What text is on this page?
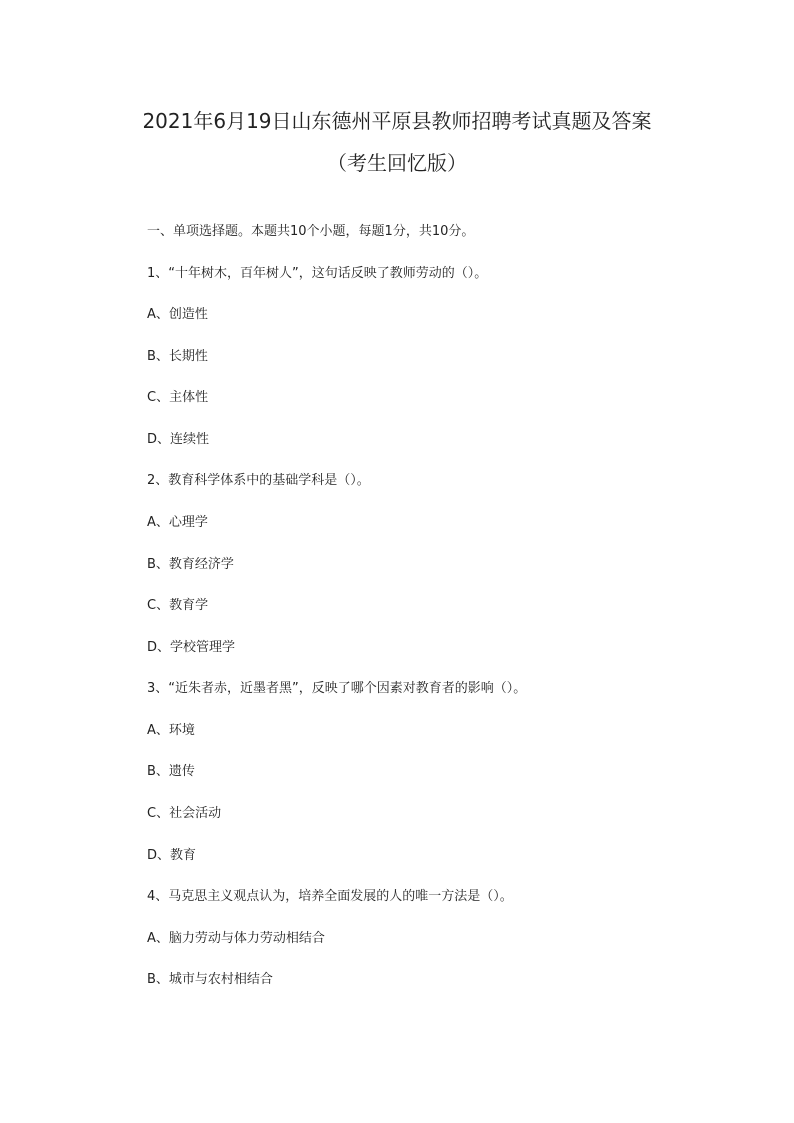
2021年6月19日山东德州平原县教师招聘考试真题及答案
（考生回忆版）
一、单项选择题。本题共10个小题，每题1分，共10分。
1、“十年树木，百年树人”，这句话反映了教师劳动的（）。
A、创造性
B、长期性
C、主体性
D、连续性
2、教育科学体系中的基础学科是（）。
A、心理学
B、教育经济学
C、教育学
D、学校管理学
3、“近朱者赤，近墨者黑”，反映了哪个因素对教育者的影响（）。
A、环境
B、遗传
C、社会活动
D、教育
4、马克思主义观点认为，培养全面发展的人的唯一方法是（）。
A、脑力劳动与体力劳动相结合
B、城市与农村相结合
